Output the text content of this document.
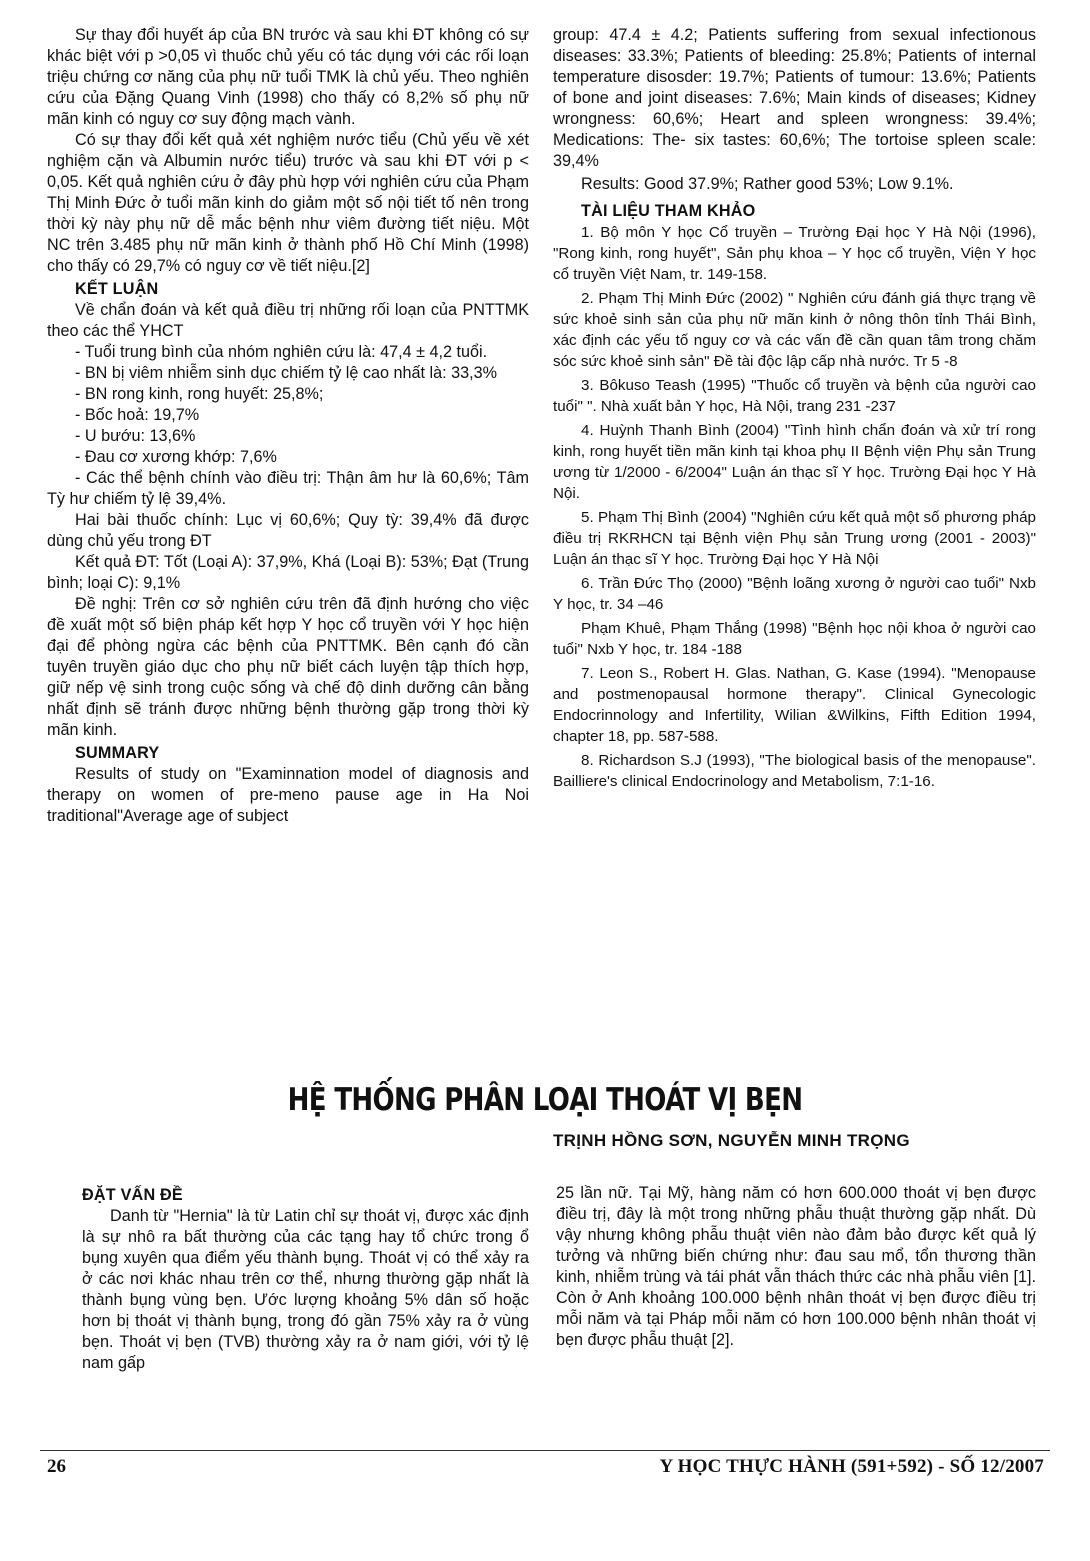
Sự thay đổi huyết áp của BN trước và sau khi ĐT không có sự khác biệt với p >0,05 vì thuốc chủ yếu có tác dụng với các rối loạn triệu chứng cơ năng của phụ nữ tuổi TMK là chủ yếu. Theo nghiên cứu của Đặng Quang Vinh (1998) cho thấy có 8,2% số phụ nữ mãn kinh có nguy cơ suy động mạch vành.

Có sự thay đổi kết quả xét nghiệm nước tiểu (Chủ yếu về xét nghiệm cặn và Albumin nước tiểu) trước và sau khi ĐT với p < 0,05. Kết quả nghiên cứu ở đây phù hợp với nghiên cứu của Phạm Thị Minh Đức ở tuổi mãn kinh do giảm một số nội tiết tố nên trong thời kỳ này phụ nữ dễ mắc bệnh như viêm đường tiết niệu. Một NC trên 3.485 phụ nữ mãn kinh ở thành phố Hồ Chí Minh (1998) cho thấy có 29,7% có nguy cơ về tiết niệu.[2]

KẾT LUẬN

Về chẩn đoán và kết quả điều trị những rối loạn của PNTTMK theo các thể YHCT

- Tuổi trung bình của nhóm nghiên cứu là: 47,4 ± 4,2 tuổi.

- BN bị viêm nhiễm sinh dục chiếm tỷ lệ cao nhất là: 33,3%

- BN rong kinh, rong huyết: 25,8%;

- Bốc hoả: 19,7%

- U bướu: 13,6%

- Đau cơ xương khớp: 7,6%

- Các thể bệnh chính vào điều trị: Thận âm hư là 60,6%; Tâm Tỳ hư chiếm tỷ lệ 39,4%.

Hai bài thuốc chính: Lục vị 60,6%; Quy tỳ: 39,4% đã được dùng chủ yếu trong ĐT

Kết quả ĐT: Tốt (Loại A): 37,9%, Khá (Loại B): 53%; Đạt (Trung bình; loại C): 9,1%

Đề nghị: Trên cơ sở nghiên cứu trên đã định hướng cho việc đề xuất một số biện pháp kết hợp Y học cổ truyền với Y học hiện đại để phòng ngừa các bệnh của PNTTMK. Bên cạnh đó cần tuyên truyền giáo dục cho phụ nữ biết cách luyện tập thích hợp, giữ nếp vệ sinh trong cuộc sống và chế độ dinh dưỡng cân bằng nhất định sẽ tránh được những bệnh thường gặp trong thời kỳ mãn kinh.

SUMMARY

Results of study on "Examinnation model of diagnosis and therapy on women of pre-meno pause age in Ha Noi traditional"Average age of subject

group: 47.4 ± 4.2; Patients suffering from sexual infectionous diseases: 33.3%; Patients of bleeding: 25.8%; Patients of internal temperature disosder: 19.7%; Patients of tumour: 13.6%; Patients of bone and joint diseases: 7.6%; Main kinds of diseases; Kidney wrongness: 60,6%; Heart and spleen wrongness: 39.4%; Medications: The- six tastes: 60,6%; The tortoise spleen scale: 39,4%

Results: Good 37.9%; Rather good 53%; Low 9.1%.

TÀI LIỆU THAM KHẢO

1. Bộ môn Y học Cổ truyền – Trường Đại học Y Hà Nội (1996), "Rong kinh, rong huyết", Sản phụ khoa – Y học cổ truyền, Viện Y học cổ truyền Việt Nam, tr. 149-158.

2. Phạm Thị Minh Đức (2002) " Nghiên cứu đánh giá thực trạng về sức khoẻ sinh sản của phụ nữ mãn kinh ở nông thôn tỉnh Thái Bình, xác định các yếu tố nguy cơ và các vấn đề cần quan tâm trong chăm sóc sức khoẻ sinh sản" Đề tài độc lập cấp nhà nước. Tr 5 -8

3. Bôkuso Teash (1995) "Thuốc cổ truyền và bệnh của người cao tuổi" ". Nhà xuất bản Y học, Hà Nội, trang 231 -237

4. Huỳnh Thanh Bình (2004) "Tình hình chẩn đoán và xử trí rong kinh, rong huyết tiền mãn kinh tại khoa phụ II Bệnh viện Phụ sản Trung ương từ 1/2000 - 6/2004" Luận án thạc sĩ Y học. Trường Đại học Y Hà Nội.

5. Phạm Thị Bình (2004) "Nghiên cứu kết quả một số phương pháp điều trị RKRHCN tại Bệnh viện Phụ sản Trung ương (2001 - 2003)" Luận án thạc sĩ Y học. Trường Đại học Y Hà Nội

6. Trần Đức Thọ (2000) "Bệnh loãng xương ở người cao tuổi" Nxb Y học, tr. 34 –46

Phạm Khuê, Phạm Thắng (1998) "Bệnh học nội khoa ở người cao tuổi" Nxb Y học, tr. 184 -188

7. Leon S., Robert H. Glas. Nathan, G. Kase (1994). "Menopause and postmenopausal hormone therapy". Clinical Gynecologic Endocrinnology and Infertility, Wilian &Wilkins, Fifth Edition 1994, chapter 18, pp. 587-588.

8. Richardson S.J (1993), "The biological basis of the menopause". Bailliere's clinical Endocrinology and Metabolism, 7:1-16.

HỆ THỐNG PHÂN LOẠI THOÁT VỊ BẸN
TRỊNH HỒNG SƠN, NGUYỄN MINH TRỌNG
ĐẶT VẤN ĐỀ

Danh từ "Hernia" là từ Latin chỉ sự thoát vị, được xác định là sự nhô ra bất thường của các tạng hay tổ chức trong ổ bụng xuyên qua điểm yếu thành bụng. Thoát vị có thể xảy ra ở các nơi khác nhau trên cơ thể, nhưng thường gặp nhất là thành bụng vùng bẹn. Ước lượng khoảng 5% dân số hoặc hơn bị thoát vị thành bụng, trong đó gần 75% xảy ra ở vùng bẹn. Thoát vị bẹn (TVB) thường xảy ra ở nam giới, với tỷ lệ nam gấp

25 lần nữ. Tại Mỹ, hàng năm có hơn 600.000 thoát vị bẹn được điều trị, đây là một trong những phẫu thuật thường gặp nhất. Dù vậy nhưng không phẫu thuật viên nào đảm bảo được kết quả lý tưởng và những biến chứng như: đau sau mổ, tổn thương thần kinh, nhiễm trùng và tái phát vẫn thách thức các nhà phẫu viên [1]. Còn ở Anh khoảng 100.000 bệnh nhân thoát vị bẹn được điều trị mỗi năm và tại Pháp mỗi năm có hơn 100.000 bệnh nhân thoát vị bẹn được phẫu thuật [2].

26	Y HỌC THỰC HÀNH (591+592) - SỐ 12/2007
